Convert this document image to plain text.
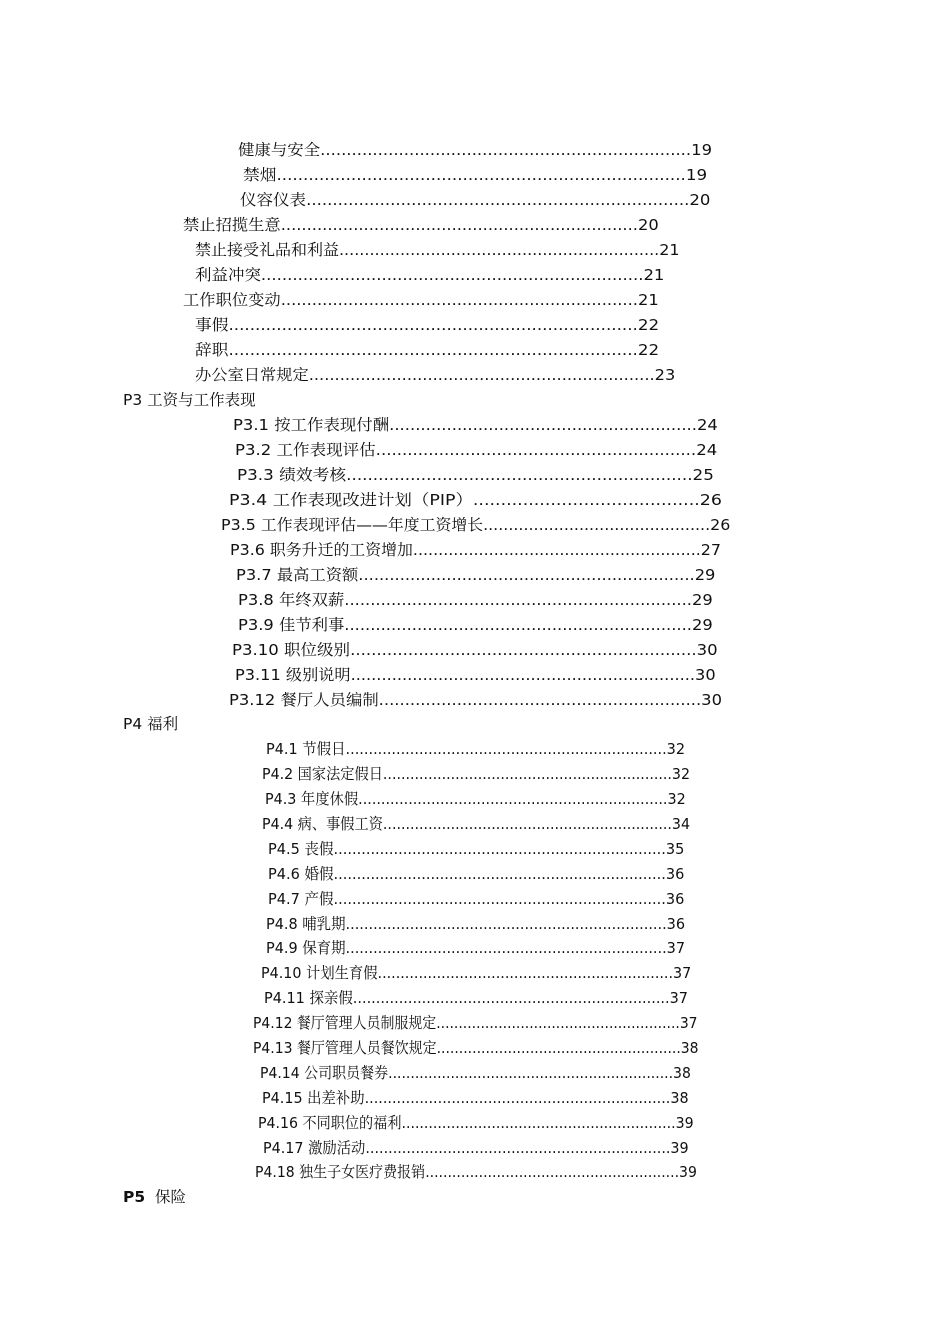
健康与安全.......................................................................19
禁烟.............................................................................19
仪容仪表.........................................................................20
禁止招揽生意.....................................................................20
禁止接受礼品和利益...............................................................21
利益冲突.........................................................................21
工作职位变动.....................................................................21
事假.............................................................................22
辞职.............................................................................22
办公室日常规定...................................................................23
P3.1 按工作表现付酬...........................................................24
P3.2 工作表现评估.............................................................24
P3.3 绩效考核.................................................................25
P3.4 工作表现改进计划（PIP）.........................................26
P3.5 工作表现评估——年度工资增长.............................................26
P3.6 职务升迁的工资增加.........................................................27
P3.7 最高工资额.................................................................29
P3.8 年终双薪...................................................................29
P3.9 佳节利事...................................................................29
P3.10 职位级别..................................................................30
P3.11 级别说明...................................................................30
P3.12 餐厅人员编制..............................................................30
P4.1 节假日......................................................................32
P4.2 国家法定假日................................................................32
P4.3 年度休假....................................................................32
P4.4 病、事假工资................................................................34
P4.5 丧假........................................................................35
P4.6 婚假........................................................................36
P4.7 产假........................................................................36
P4.8 哺乳期......................................................................36
P4.9 保育期......................................................................37
P4.10 计划生育假.................................................................37
P4.11 探亲假.....................................................................37
P4.12 餐厅管理人员制服规定.......................................................37
P4.13 餐厅管理人员餐饮规定.......................................................38
P4.14 公司职员餐券................................................................38
P4.15 出差补助...................................................................38
P4.16 不同职位的福利.............................................................39
P4.17 激励活动...................................................................39
P4.18 独生子女医疗费报销.........................................................39
P3 工资与工作表现
P4 福利
P5 保险
